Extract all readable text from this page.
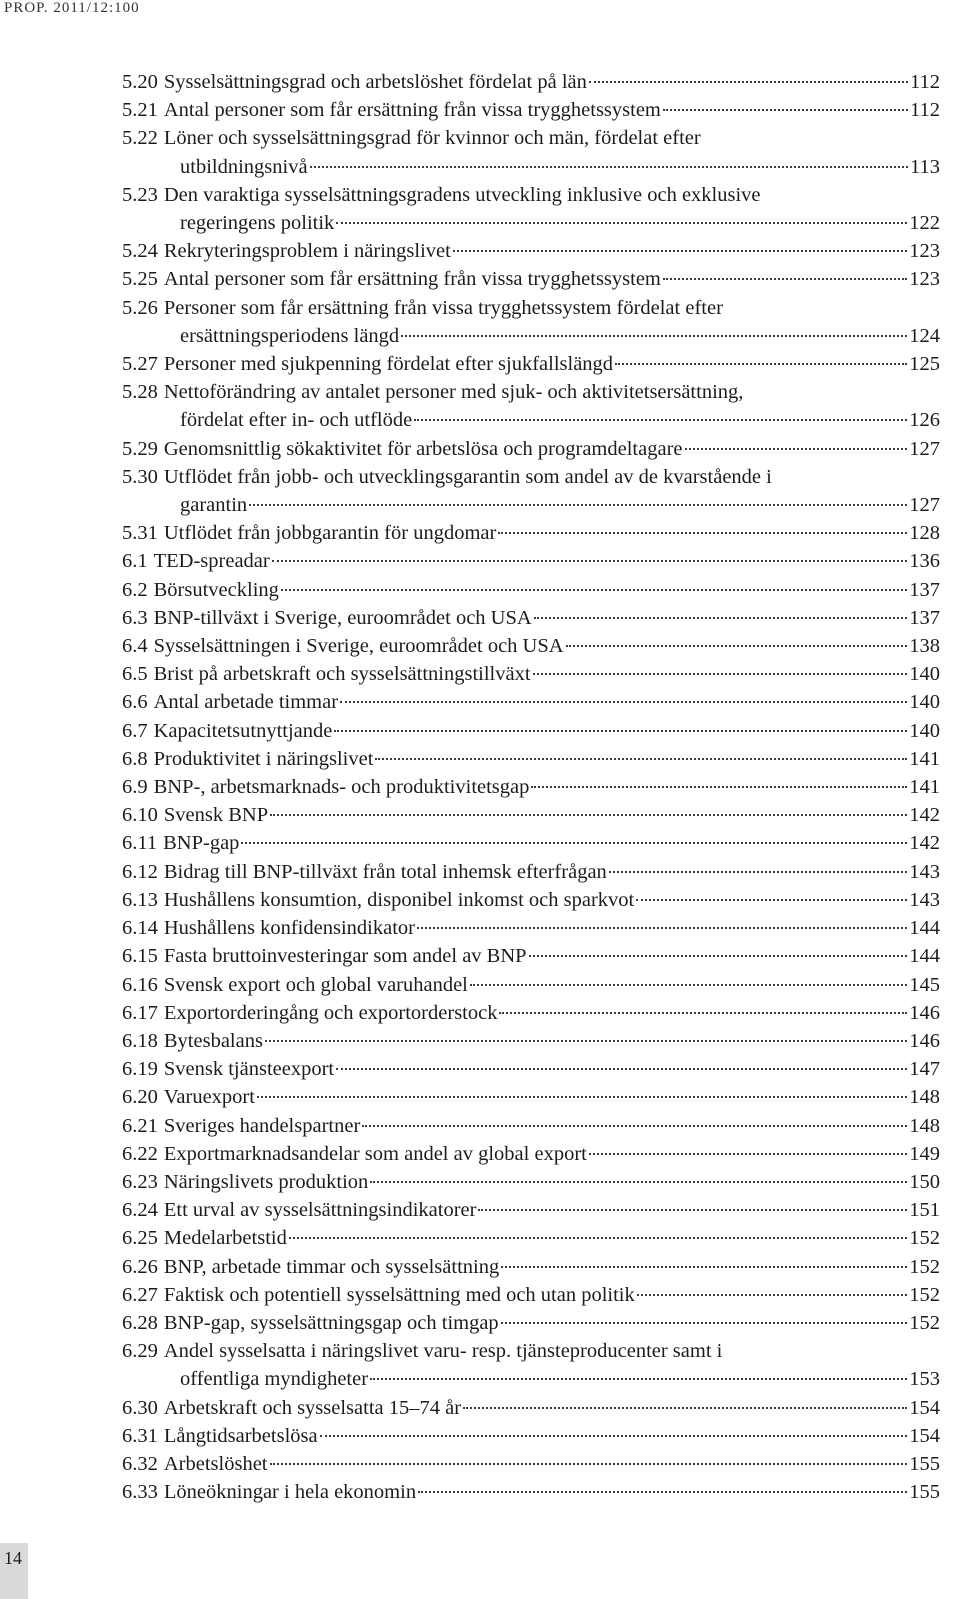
PROP. 2011/12:100
5.20 Sysselsättningsgrad och arbetslöshet fördelat på län	112
5.21 Antal personer som får ersättning från vissa trygghetssystem	112
5.22 Löner och sysselsättningsgrad för kvinnor och män, fördelat efter
utbildningsnivå	113
5.23 Den varaktiga sysselsättningsgradens utveckling inklusive och exklusive
regeringens politik	122
5.24 Rekryteringsproblem i näringslivet	123
5.25 Antal personer som får ersättning från vissa trygghetssystem	123
5.26 Personer som får ersättning från vissa trygghetssystem fördelat efter
ersättningsperiodens längd	124
5.27 Personer med sjukpenning fördelat efter sjukfallslängd	125
5.28 Nettoförändring av antalet personer med sjuk- och aktivitetsersättning,
fördelat efter in- och utflöde	126
5.29 Genomsnittlig sökaktivitet för arbetslösa och programdeltagare	127
5.30 Utflödet från jobb- och utvecklingsgarantin som andel av de kvarstående i
garantin	127
5.31 Utflödet från jobbgarantin för ungdomar	128
6.1 TED-spreadar	136
6.2 Börsutveckling	137
6.3 BNP-tillväxt i Sverige, euroområdet och USA	137
6.4 Sysselsättningen i Sverige, euroområdet och USA	138
6.5 Brist på arbetskraft och sysselsättningstillväxt	140
6.6 Antal arbetade timmar	140
6.7 Kapacitetsutnyttjande	140
6.8 Produktivitet i näringslivet	141
6.9 BNP-, arbetsmarknads- och produktivitetsgap	141
6.10 Svensk BNP	142
6.11 BNP-gap	142
6.12 Bidrag till BNP-tillväxt från total inhemsk efterfrågan	143
6.13 Hushållens konsumtion, disponibel inkomst och sparkvot	143
6.14 Hushållens konfidensindikator	144
6.15 Fasta bruttoinvesteringar som andel av BNP	144
6.16 Svensk export och global varuhandel	145
6.17 Exportorderingång och exportorderstock	146
6.18 Bytesbalans	146
6.19 Svensk tjänsteexport	147
6.20 Varuexport	148
6.21 Sveriges handelspartner	148
6.22 Exportmarknadsandelar som andel av global export	149
6.23 Näringslivets produktion	150
6.24 Ett urval av sysselsättningsindikatorer	151
6.25 Medelarbetstid	152
6.26 BNP, arbetade timmar och sysselsättning	152
6.27 Faktisk och potentiell sysselsättning med och utan politik	152
6.28 BNP-gap, sysselsättningsgap och timgap	152
6.29 Andel sysselsatta i näringslivet varu- resp. tjänsteproducenter samt i
offentliga myndigheter	153
6.30 Arbetskraft och sysselsatta 15–74 år	154
6.31 Långtidsarbetslösa	154
6.32 Arbetslöshet	155
6.33 Löneökningar i hela ekonomin	155
14
